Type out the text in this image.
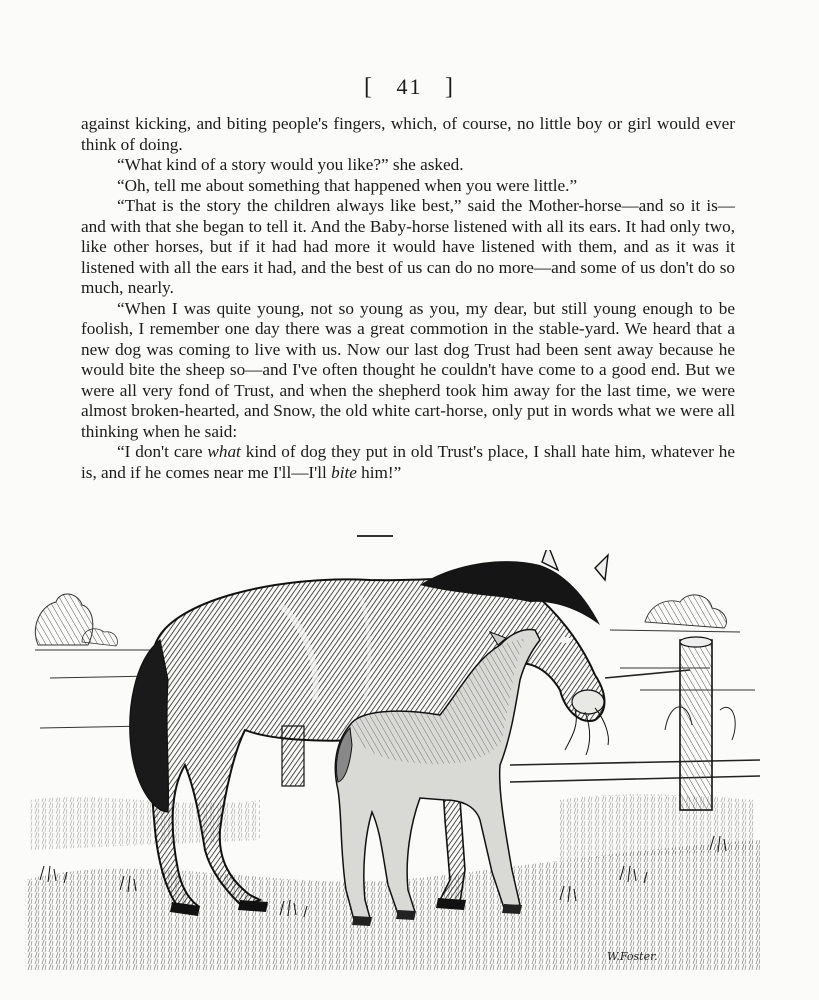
[ 41 ]

against kicking, and biting people's fingers, which, of course, no little boy or girl would ever think of doing.

“What kind of a story would you like?” she asked.

“Oh, tell me about something that happened when you were little.”

“That is the story the children always like best,” said the Mother-horse—and so it is—and with that she began to tell it. And the Baby-horse listened with all its ears. It had only two, like other horses, but if it had had more it would have listened with them, and as it was it listened with all the ears it had, and the best of us can do no more—and some of us don't do so much, nearly.

“When I was quite young, not so young as you, my dear, but still young enough to be foolish, I remember one day there was a great commotion in the stable-yard. We heard that a new dog was coming to live with us. Now our last dog Trust had been sent away because he would bite the sheep so—and I've often thought he couldn't have come to a good end. But we were all very fond of Trust, and when the shepherd took him away for the last time, we were almost broken-hearted, and Snow, the old white cart-horse, only put in words what we were all thinking when he said:

“I don't care what kind of dog they put in old Trust's place, I shall hate him, whatever he is, and if he comes near me I'll—I'll bite him!”

W.Foster.
